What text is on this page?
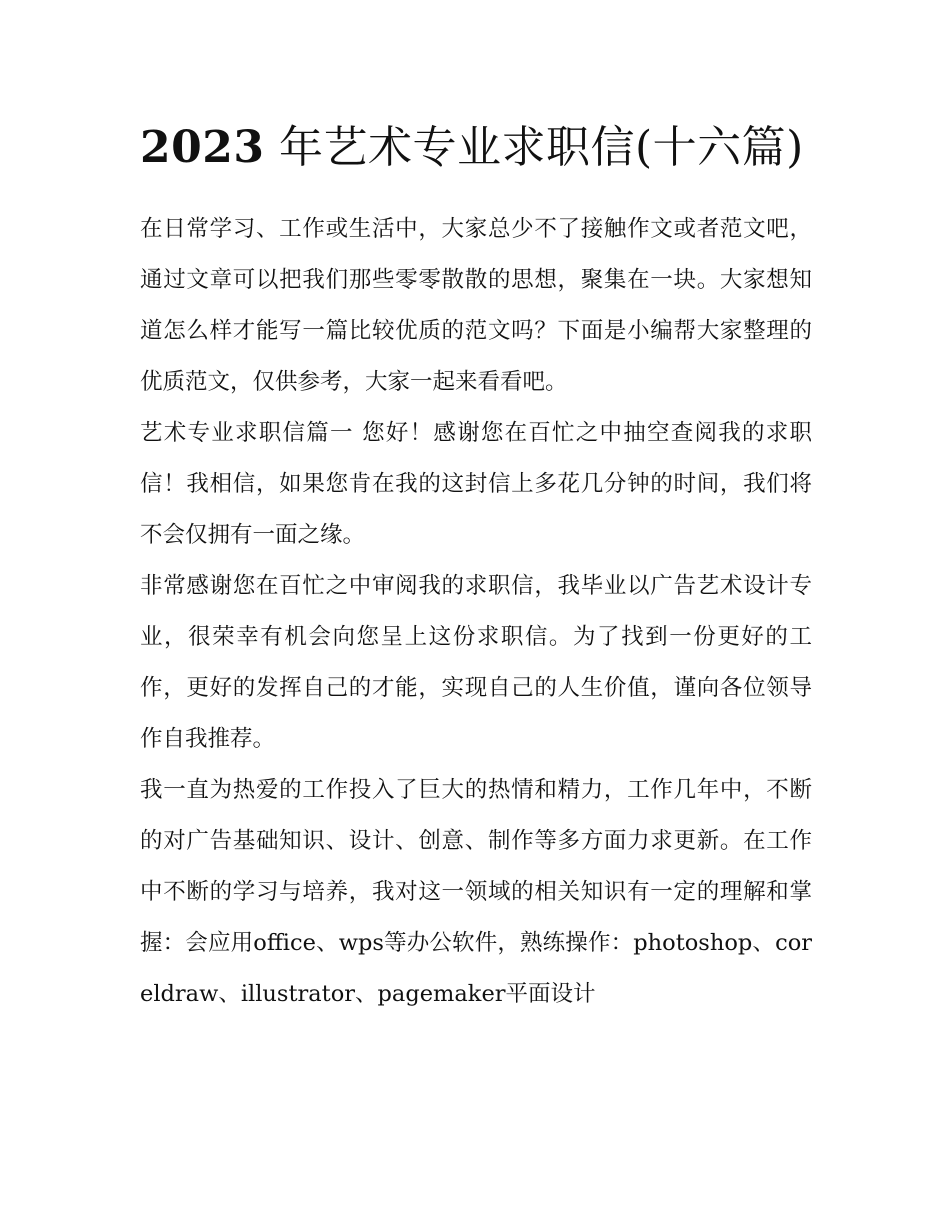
2023 年艺术专业求职信(十六篇)

在日常学习、工作或生活中，大家总少不了接触作文或者范文吧，通过文章可以把我们那些零零散散的思想，聚集在一块。大家想知道怎么样才能写一篇比较优质的范文吗？下面是小编帮大家整理的优质范文，仅供参考，大家一起来看看吧。

艺术专业求职信篇一 您好！感谢您在百忙之中抽空查阅我的求职信！我相信，如果您肯在我的这封信上多花几分钟的时间，我们将不会仅拥有一面之缘。

非常感谢您在百忙之中审阅我的求职信，我毕业以广告艺术设计专业，很荣幸有机会向您呈上这份求职信。为了找到一份更好的工作，更好的发挥自己的才能，实现自己的人生价值，谨向各位领导作自我推荐。

我一直为热爱的工作投入了巨大的热情和精力，工作几年中，不断的对广告基础知识、设计、创意、制作等多方面力求更新。在工作中不断的学习与培养，我对这一领域的相关知识有一定的理解和掌握：会应用office、wps等办公软件，熟练操作：photoshop、coreldraw、illustrator、pagemaker平面设计
